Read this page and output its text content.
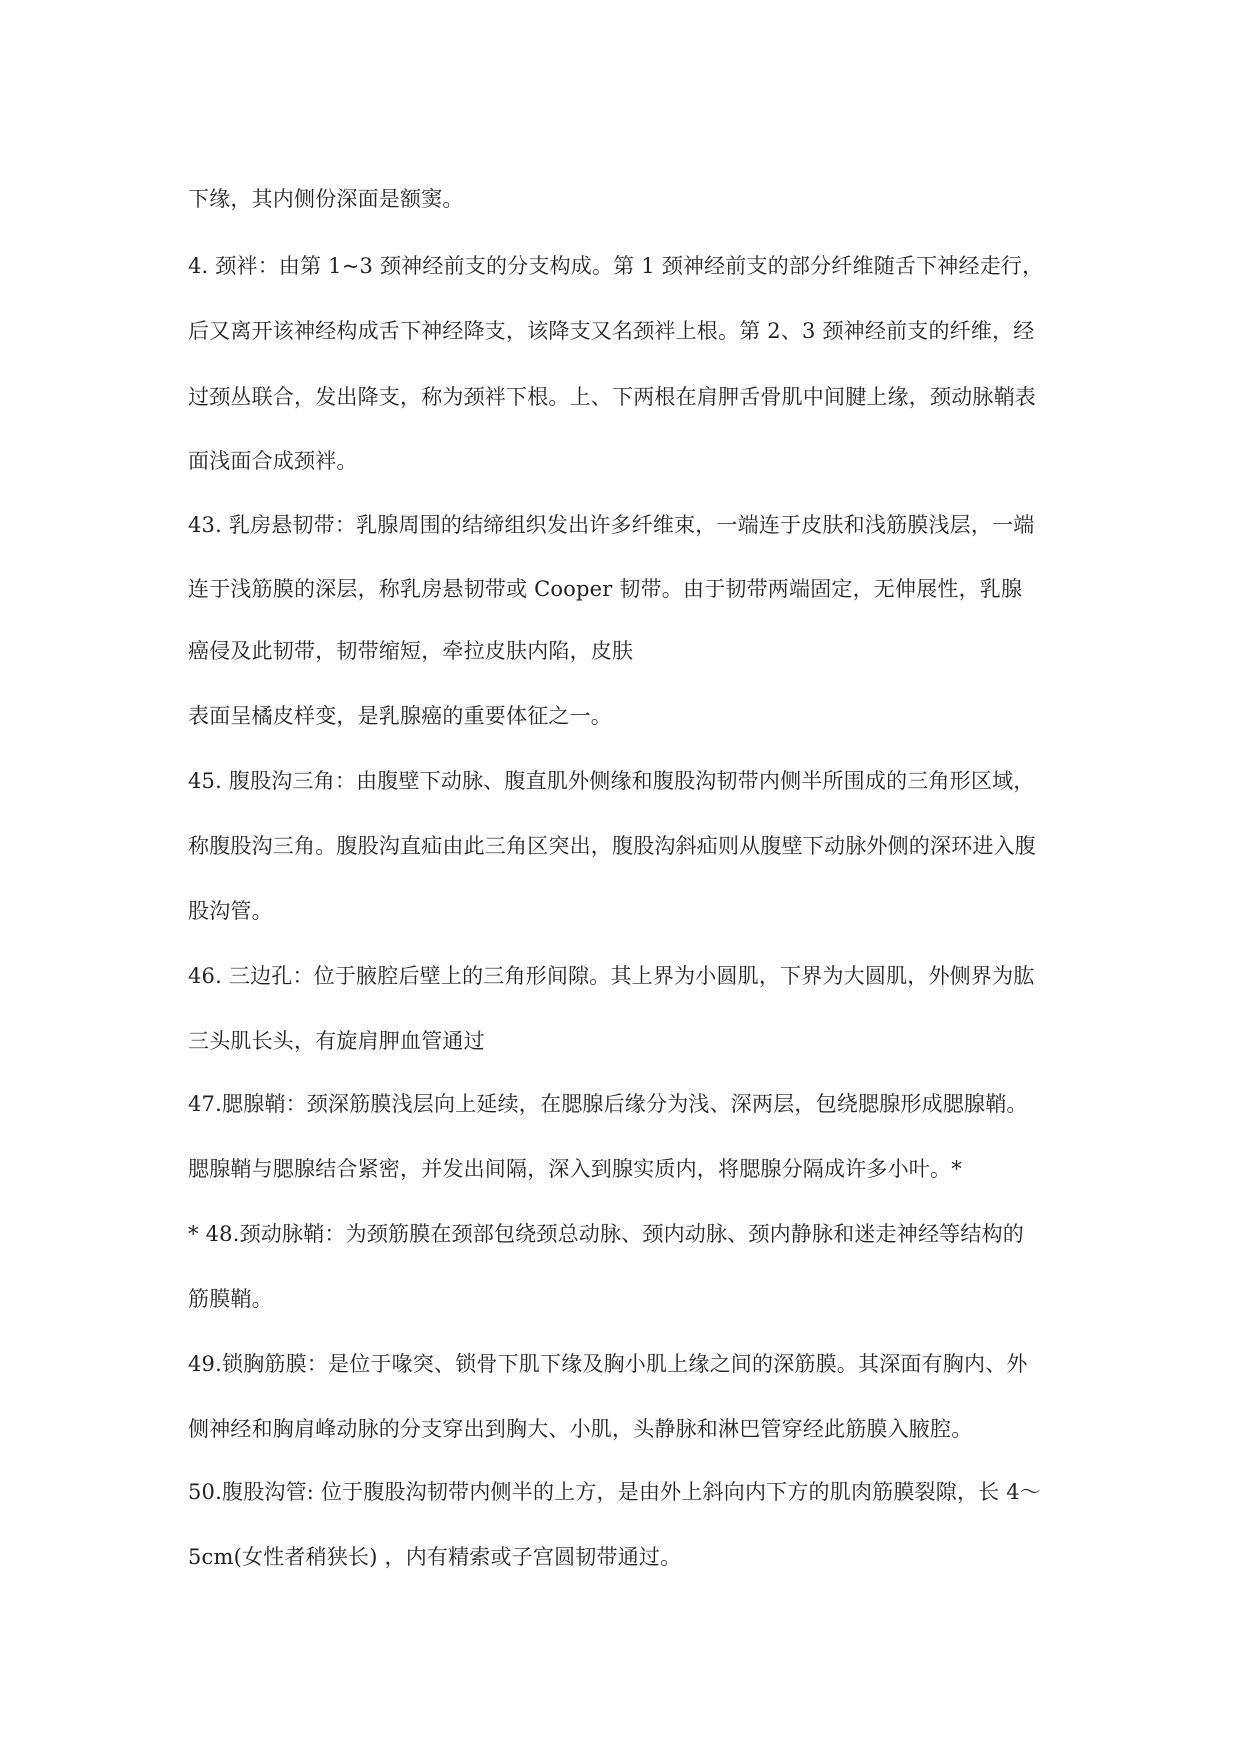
下缘，其内侧份深面是额窦。
4. 颈袢：由第 1~3 颈神经前支的分支构成。第 1 颈神经前支的部分纤维随舌下神经走行，
后又离开该神经构成舌下神经降支，该降支又名颈袢上根。第 2、3 颈神经前支的纤维，经
过颈丛联合，发出降支，称为颈袢下根。上、下两根在肩胛舌骨肌中间腱上缘，颈动脉鞘表
面浅面合成颈袢。
43. 乳房悬韧带：乳腺周围的结缔组织发出许多纤维束，一端连于皮肤和浅筋膜浅层，一端
连于浅筋膜的深层，称乳房悬韧带或 Cooper 韧带。由于韧带两端固定，无伸展性，乳腺
癌侵及此韧带，韧带缩短，牵拉皮肤内陷，皮肤
表面呈橘皮样变，是乳腺癌的重要体征之一。
45. 腹股沟三角：由腹壁下动脉、腹直肌外侧缘和腹股沟韧带内侧半所围成的三角形区域，
称腹股沟三角。腹股沟直疝由此三角区突出，腹股沟斜疝则从腹壁下动脉外侧的深环进入腹
股沟管。
46. 三边孔：位于腋腔后壁上的三角形间隙。其上界为小圆肌，下界为大圆肌，外侧界为肱
三头肌长头，有旋肩胛血管通过
47.腮腺鞘：颈深筋膜浅层向上延续，在腮腺后缘分为浅、深两层，包绕腮腺形成腮腺鞘。
腮腺鞘与腮腺结合紧密，并发出间隔，深入到腺实质内，将腮腺分隔成许多小叶。*
* 48.颈动脉鞘：为颈筋膜在颈部包绕颈总动脉、颈内动脉、颈内静脉和迷走神经等结构的
筋膜鞘。
49.锁胸筋膜：是位于喙突、锁骨下肌下缘及胸小肌上缘之间的深筋膜。其深面有胸内、外
侧神经和胸肩峰动脉的分支穿出到胸大、小肌，头静脉和淋巴管穿经此筋膜入腋腔。
50.腹股沟管: 位于腹股沟韧带内侧半的上方，是由外上斜向内下方的肌肉筋膜裂隙，长 4～
5cm(女性者稍狭长) ，内有精索或子宫圆韧带通过。
